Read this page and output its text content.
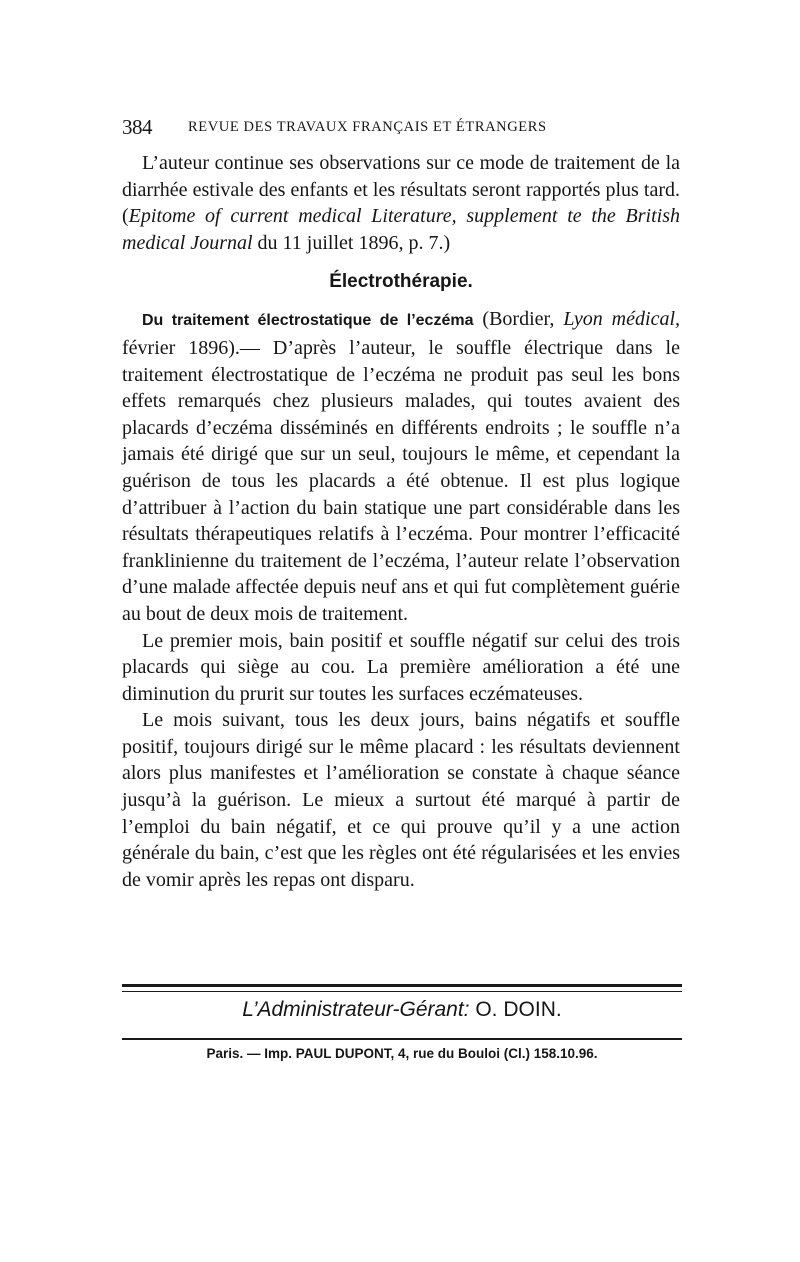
384 REVUE DES TRAVAUX FRANÇAIS ET ÉTRANGERS

L’auteur continue ses observations sur ce mode de traitement de la diarrhée estivale des enfants et les résultats seront rapportés plus tard. (Epitome of current medical Literature, supplement te the British medical Journal du 11 juillet 1896, p. 7.)

Électrothérapie.

Du traitement électrostatique de l’eczéma (Bordier, Lyon médical, février 1896).— D’après l’auteur, le souffle électrique dans le traitement électrostatique de l’eczéma ne produit pas seul les bons effets remarqués chez plusieurs malades, qui toutes avaient des placards d’eczéma disséminés en différents endroits ; le souffle n’a jamais été dirigé que sur un seul, toujours le même, et cependant la guérison de tous les placards a été obtenue. Il est plus logique d’attribuer à l’action du bain statique une part considérable dans les résultats thérapeutiques relatifs à l’eczéma. Pour montrer l’efficacité franklinienne du traitement de l’eczéma, l’auteur relate l’observation d’une malade affectée depuis neuf ans et qui fut complètement guérie au bout de deux mois de traitement.

Le premier mois, bain positif et souffle négatif sur celui des trois placards qui siège au cou. La première amélioration a été une diminution du prurit sur toutes les surfaces eczémateuses.

Le mois suivant, tous les deux jours, bains négatifs et souffle positif, toujours dirigé sur le même placard : les résultats deviennent alors plus manifestes et l’amélioration se constate à chaque séance jusqu’à la guérison. Le mieux a surtout été marqué à partir de l’emploi du bain négatif, et ce qui prouve qu’il y a une action générale du bain, c’est que les règles ont été régularisées et les envies de vomir après les repas ont disparu.

L’Administrateur-Gérant: O. DOIN.
Paris. — Imp. PAUL DUPONT, 4, rue du Bouloi (Cl.) 158.10.96.
